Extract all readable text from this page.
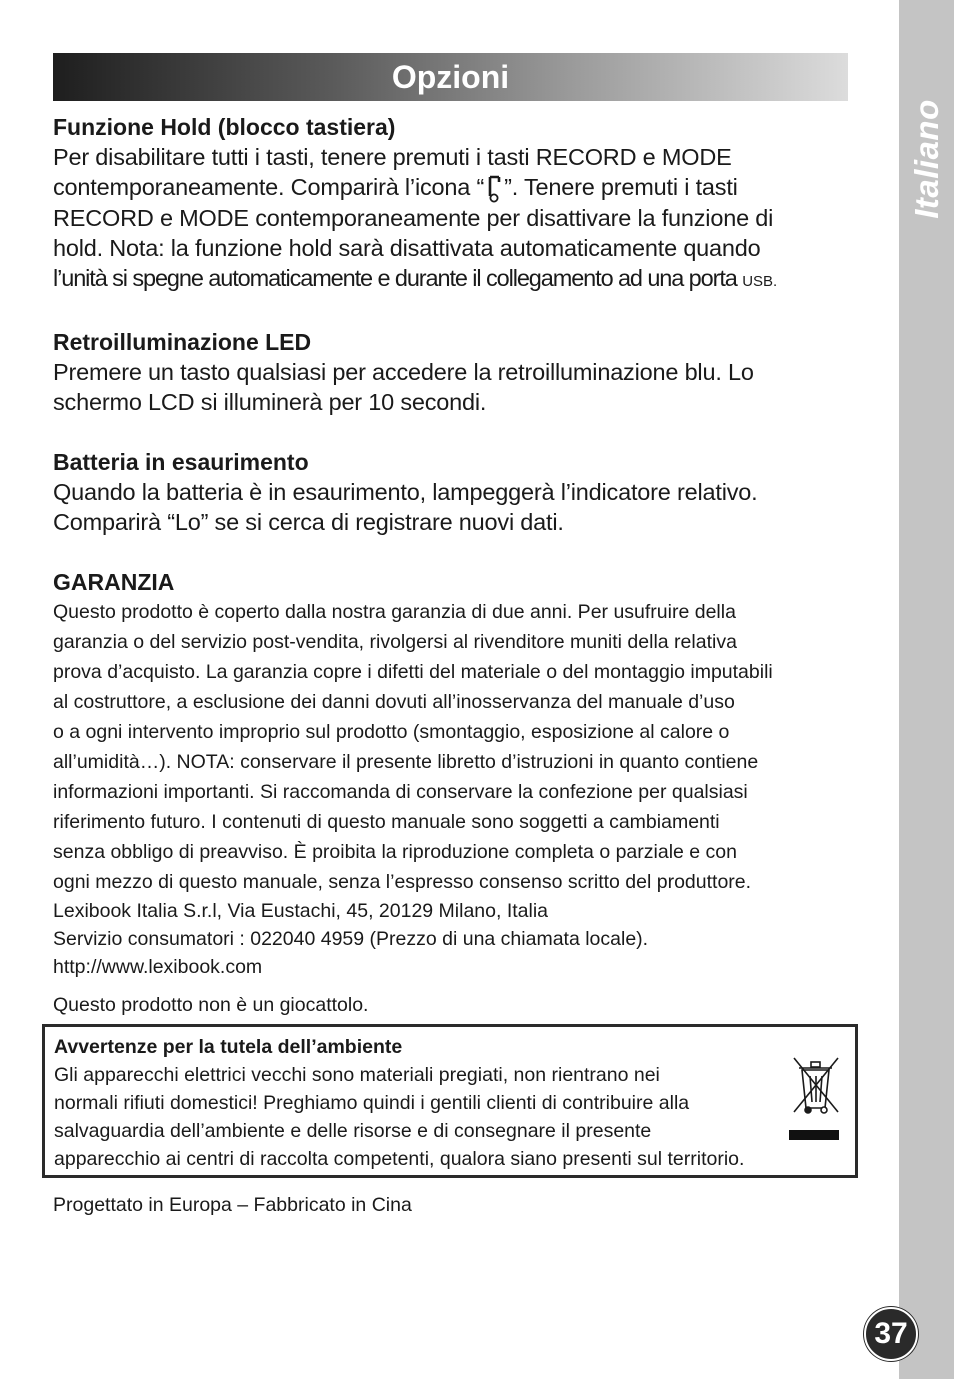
Italiano
37
Opzioni

Funzione Hold (blocco tastiera)

Per disabilitare tutti i tasti, tenere premuti i tasti RECORD e MODE

contemporaneamente. Comparirà l’icona “ ”. Tenere premuti i tasti

RECORD e MODE contemporaneamente per disattivare la funzione di

hold. Nota: la funzione hold sarà disattivata automaticamente quando

l’unità si spegne automaticamente e durante il collegamento ad una porta USB.

Retroilluminazione LED

Premere un tasto qualsiasi per accedere la retroilluminazione blu. Lo

schermo LCD si illuminerà per 10 secondi.

Batteria in esaurimento

Quando la batteria è in esaurimento, lampeggerà l’indicatore relativo.

Comparirà “Lo” se si cerca di registrare nuovi dati.

GARANZIA

Questo prodotto è coperto dalla nostra garanzia di due anni. Per usufruire della

garanzia o del servizio post-vendita, rivolgersi al rivenditore muniti della relativa

prova d’acquisto. La garanzia copre i difetti del materiale o del montaggio imputabili

al costruttore, a esclusione dei danni dovuti all’inosservanza del manuale d’uso

o a ogni intervento improprio sul prodotto (smontaggio, esposizione al calore o

all’umidità…). NOTA: conservare il presente libretto d’istruzioni in quanto contiene

informazioni importanti. Si raccomanda di conservare la confezione per qualsiasi

riferimento futuro. I contenuti di questo manuale sono soggetti a cambiamenti

senza obbligo di preavviso. È proibita la riproduzione completa o parziale e con

ogni mezzo di questo manuale, senza l’espresso consenso scritto del produttore.

Lexibook Italia S.r.l, Via Eustachi, 45, 20129 Milano, Italia

Servizio consumatori : 022040 4959 (Prezzo di una chiamata locale).

http://www.lexibook.com

Questo prodotto non è un giocattolo.

Avvertenze per la tutela dell’ambiente
Gli apparecchi elettrici vecchi sono materiali pregiati, non rientrano nei
normali rifiuti domestici! Preghiamo quindi i gentili clienti di contribuire alla
salvaguardia dell’ambiente e delle risorse e di consegnare il presente
apparecchio ai centri di raccolta competenti, qualora siano presenti sul territorio.
Progettato in Europa – Fabbricato in Cina
